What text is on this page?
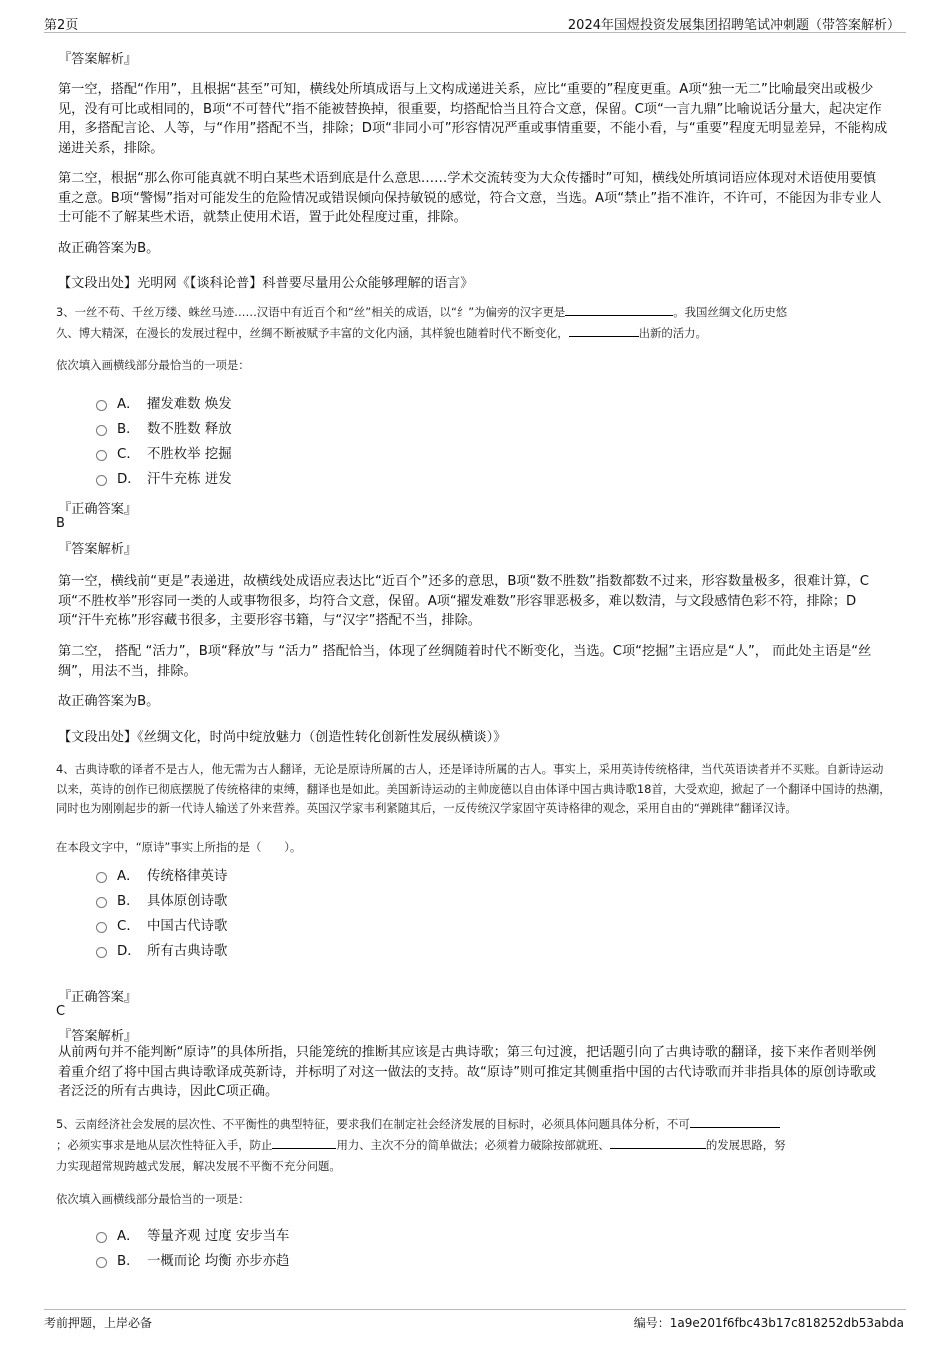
第2页	2024年国煜投资发展集团招聘笔试冲刺题（带答案解析）
『答案解析』
第一空，搭配“作用”，且根据“甚至”可知，横线处所填成语与上文构成递进关系，应比“重要的”程度更重。A项“独一无二”比喻最突出或极少见，没有可比或相同的，B项“不可替代”指不能被替换掉，很重要，均搭配恰当且符合文意，保留。C项“一言九鼎”比喻说话分量大，起决定作用，多搭配言论、人等，与“作用”搭配不当，排除；D项“非同小可”形容情况严重或事情重要，不能小看，与“重要”程度无明显差异，不能构成递进关系，排除。
第二空，根据“那么你可能真就不明白某些术语到底是什么意思……学术交流转变为大众传播时”可知，横线处所填词语应体现对术语使用要慎重之意。B项“警惕”指对可能发生的危险情况或错误倾向保持敏锐的感觉，符合文意，当选。A项“禁止”指不准许，不许可，不能因为非专业人士可能不了解某些术语，就禁止使用术语，置于此处程度过重，排除。
故正确答案为B。
【文段出处】光明网《【谈科论普】科普要尽量用公众能够理解的语言》
3、一丝不苟、千丝万缕、蛛丝马迹……汉语中有近百个和“丝”相关的成语，以“纟”为偏旁的汉字更是	。我国丝绸文化历史悠
久、博大精深，在漫长的发展过程中，丝绸不断被赋予丰富的文化内涵，其样貌也随着时代不断变化，	出新的活力。
依次填入画横线部分最恰当的一项是：
A． 擢发难数 焕发
B． 数不胜数 释放
C． 不胜枚举 挖掘
D． 汗牛充栋 迸发
『正确答案』
B
『答案解析』
第一空，横线前“更是”表递进，故横线处成语应表达比“近百个”还多的意思，B项“数不胜数”指数都数不过来，形容数量极多，很难计算，C项“不胜枚举”形容同一类的人或事物很多，均符合文意，保留。A项“擢发难数”形容罪恶极多，难以数清，与文段感情色彩不符，排除；D项“汗牛充栋”形容藏书很多，主要形容书籍，与“汉字”搭配不当，排除。
第二空， 搭配 “活力”，B项“释放”与 “活力” 搭配恰当，体现了丝绸随着时代不断变化，当选。C项“挖掘”主语应是“人”， 而此处主语是“丝绸”，用法不当，排除。
故正确答案为B。
【文段出处】《丝绸文化，时尚中绽放魅力（创造性转化创新性发展纵横谈）》
4、古典诗歌的译者不是古人，他无需为古人翻译，无论是原诗所属的古人，还是译诗所属的古人。事实上，采用英诗传统格律，当代英语读者并不买账。自新诗运动以来，英诗的创作已彻底摆脱了传统格律的束缚，翻译也是如此。美国新诗运动的主帅庞德以自由体译中国古典诗歌18首，大受欢迎，掀起了一个翻译中国诗的热潮，同时也为刚刚起步的新一代诗人输送了外来营养。英国汉学家韦利紧随其后，一反传统汉学家固守英诗格律的观念，采用自由的“弹跳律”翻译汉诗。
在本段文字中，“原诗”事实上所指的是（　　）。
A． 传统格律英诗
B． 具体原创诗歌
C． 中国古代诗歌
D． 所有古典诗歌
『正确答案』
C
『答案解析』
从前两句并不能判断“原诗”的具体所指，只能笼统的推断其应该是古典诗歌；第三句过渡，把话题引向了古典诗歌的翻译，接下来作者则举例着重介绍了将中国古典诗歌译成英新诗，并标明了对这一做法的支持。故“原诗”则可推定其侧重指中国的古代诗歌而并非指具体的原创诗歌或者泛泛的所有古典诗，因此C项正确。
5、云南经济社会发展的层次性、不平衡性的典型特征，要求我们在制定社会经济发展的目标时，必须具体问题具体分析，不可
；必须实事求是地从层次性特征入手，防止	用力、主次不分的简单做法；必须着力破除按部就班、	的发展思路，努
力实现超常规跨越式发展，解决发展不平衡不充分问题。
依次填入画横线部分最恰当的一项是：
A． 等量齐观 过度 安步当车
B． 一概而论 均衡 亦步亦趋
考前押题，上岸必备	编号：1a9e201f6fbc43b17c818252db53abda
